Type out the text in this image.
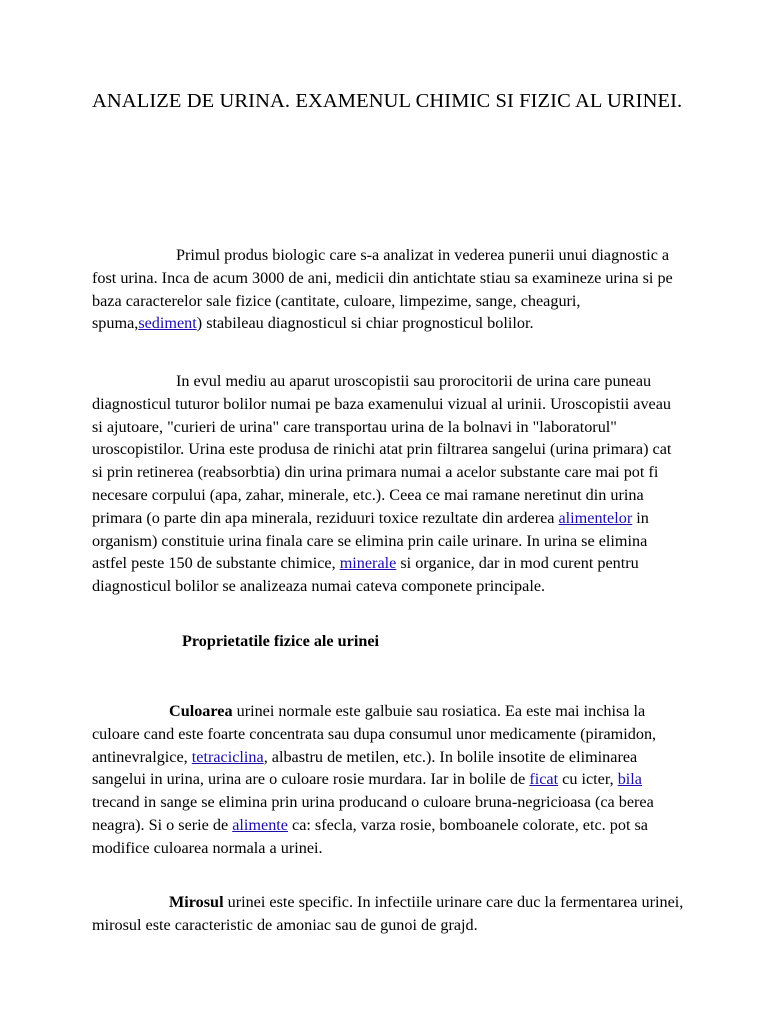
ANALIZE DE URINA. EXAMENUL CHIMIC SI FIZIC AL URINEI.

Primul produs biologic care s-a analizat in vederea punerii unui diagnostic a fost urina. Inca de acum 3000 de ani, medicii din antichtate stiau sa examineze urina si pe baza caracterelor sale fizice (cantitate, culoare, limpezime, sange, cheaguri, spuma,sediment) stabileau diagnosticul si chiar prognosticul bolilor.

In evul mediu au aparut uroscopistii sau prorocitorii de urina care puneau diagnosticul tuturor bolilor numai pe baza examenului vizual al urinii. Uroscopistii aveau si ajutoare, "curieri de urina" care transportau urina de la bolnavi in "laboratorul" uroscopistilor. Urina este produsa de rinichi atat prin filtrarea sangelui (urina primara) cat si prin retinerea (reabsorbtia) din urina primara numai a acelor substante care mai pot fi necesare corpului (apa, zahar, minerale, etc.). Ceea ce mai ramane neretinut din urina primara (o parte din apa minerala, reziduuri toxice rezultate din arderea alimentelor in organism) constituie urina finala care se elimina prin caile urinare. In urina se elimina astfel peste 150 de substante chimice, minerale si organice, dar in mod curent pentru diagnosticul bolilor se analizeaza numai cateva componete principale.

Proprietatile fizice ale urinei

Culoarea urinei normale este galbuie sau rosiatica. Ea este mai inchisa la culoare cand este foarte concentrata sau dupa consumul unor medicamente (piramidon, antinevralgice, tetraciclina, albastru de metilen, etc.). In bolile insotite de eliminarea sangelui in urina, urina are o culoare rosie murdara. Iar in bolile de ficat cu icter, bila trecand in sange se elimina prin urina producand o culoare bruna-negricioasa (ca berea neagra). Si o serie de alimente ca: sfecla, varza rosie, bomboanele colorate, etc. pot sa modifice culoarea normala a urinei.

Mirosul urinei este specific. In infectiile urinare care duc la fermentarea urinei, mirosul este caracteristic de amoniac sau de gunoi de grajd.
